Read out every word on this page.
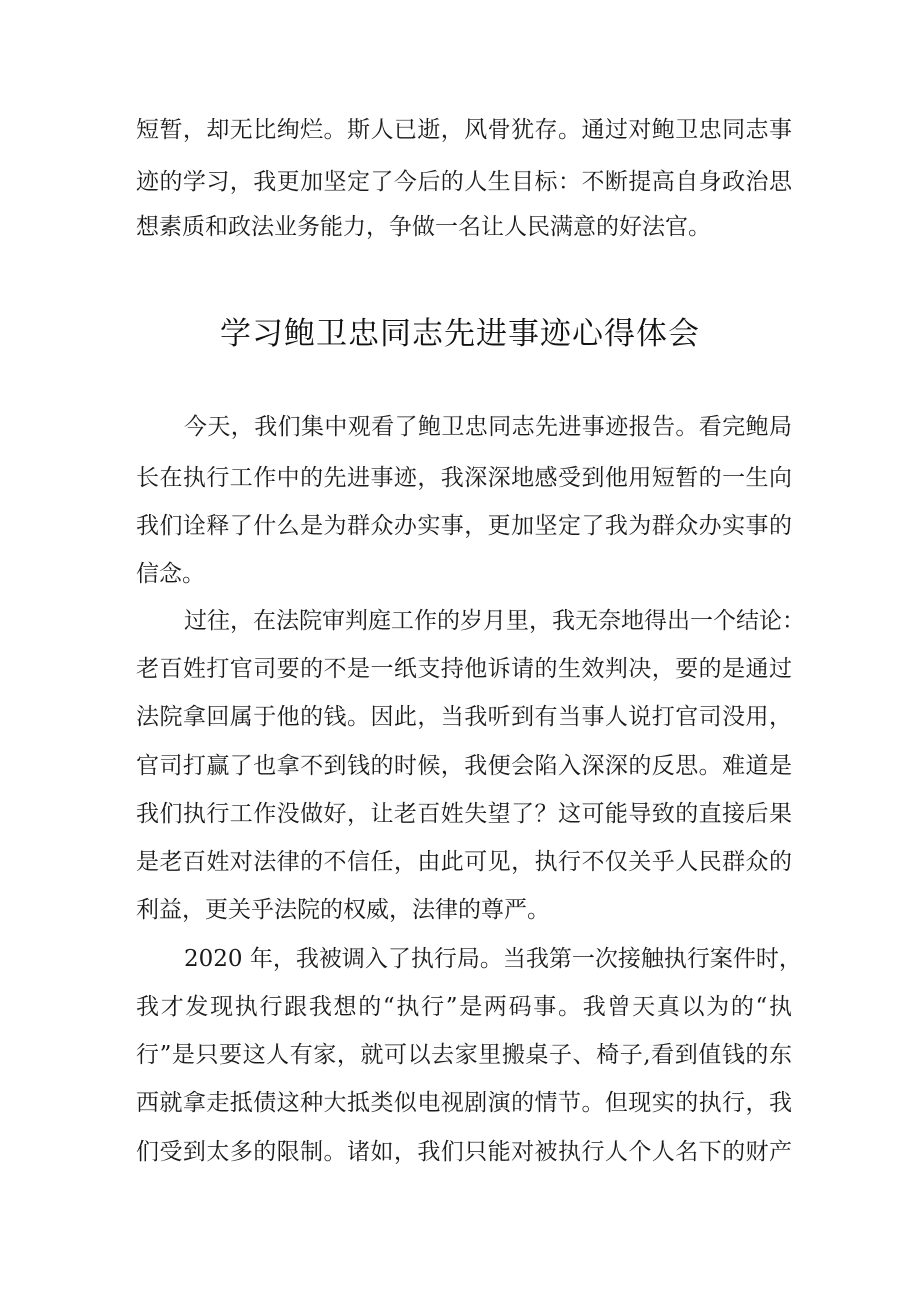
短暂，却无比绚烂。斯人已逝，风骨犹存。通过对鲍卫忠同志事
迹的学习，我更加坚定了今后的人生目标：不断提高自身政治思
想素质和政法业务能力，争做一名让人民满意的好法官。
学习鲍卫忠同志先进事迹心得体会
今天，我们集中观看了鲍卫忠同志先进事迹报告。看完鲍局
长在执行工作中的先进事迹，我深深地感受到他用短暂的一生向
我们诠释了什么是为群众办实事，更加坚定了我为群众办实事的
信念。
过往，在法院审判庭工作的岁月里，我无奈地得出一个结论：
老百姓打官司要的不是一纸支持他诉请的生效判决，要的是通过
法院拿回属于他的钱。因此，当我听到有当事人说打官司没用，
官司打赢了也拿不到钱的时候，我便会陷入深深的反思。难道是
我们执行工作没做好，让老百姓失望了？这可能导致的直接后果
是老百姓对法律的不信任，由此可见，执行不仅关乎人民群众的
利益，更关乎法院的权威，法律的尊严。
2020 年，我被调入了执行局。当我第一次接触执行案件时，
我才发现执行跟我想的“执行”是两码事。我曾天真以为的“执
行”是只要这人有家，就可以去家里搬桌子、椅子,看到值钱的东
西就拿走抵债这种大抵类似电视剧演的情节。但现实的执行，我
们受到太多的限制。诸如，我们只能对被执行人个人名下的财产
